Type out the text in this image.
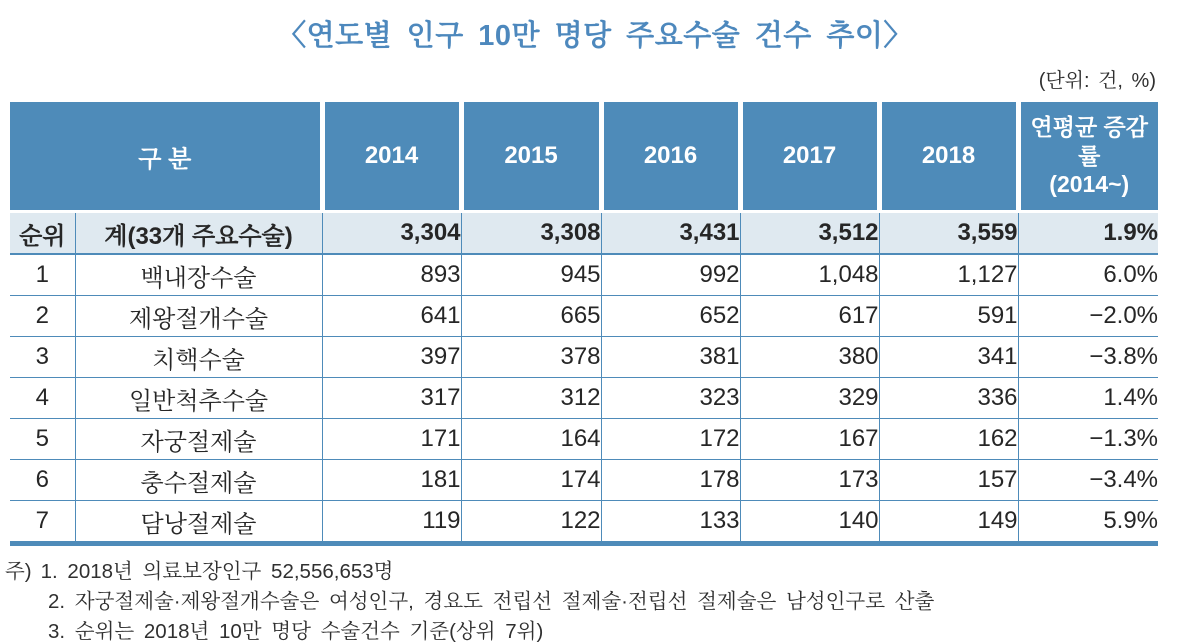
〈연도별 인구 10만 명당 주요수술 건수 추이〉
(단위: 건, %)
구 분		2014	2015	2016	2017	2018	연평균 증감률
(2014~)

순위	계(33개 주요수술)	3,304	3,308	3,431	3,512	3,559	1.9%
1	백내장수술	893	945	992	1,048	1,127	6.0%
2	제왕절개수술	641	665	652	617	591	−2.0%
3	치핵수술	397	378	381	380	341	−3.8%
4	일반척추수술	317	312	323	329	336	1.4%
5	자궁절제술	171	164	172	167	162	−1.3%
6	충수절제술	181	174	178	173	157	−3.4%
7	담낭절제술	119	122	133	140	149	5.9%
주) 1. 2018년 의료보장인구 52,556,653명
2. 자궁절제술·제왕절개수술은 여성인구, 경요도 전립선 절제술·전립선 절제술은 남성인구로 산출
3. 순위는 2018년 10만 명당 수술건수 기준(상위 7위)
